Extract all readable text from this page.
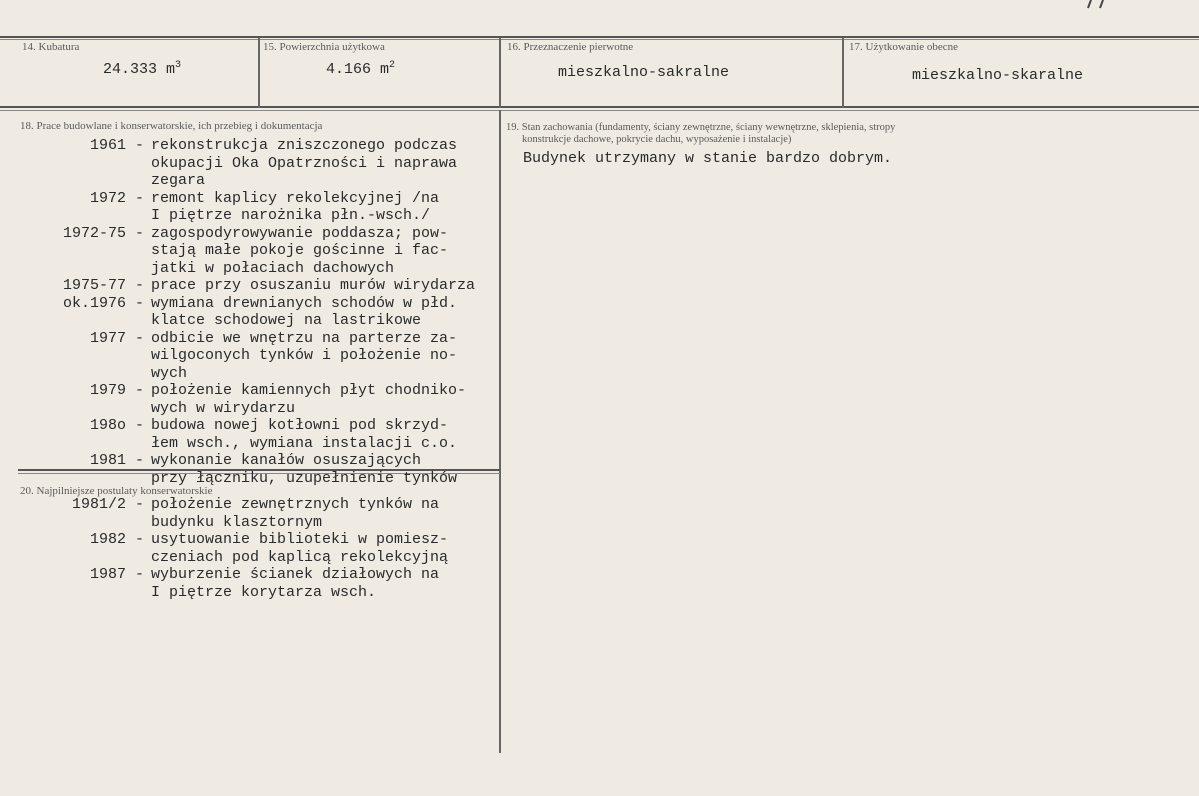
14. Kubatura
24.333 $m^3$
15. Powierzchnia użytkowa
4.166 $m^2$
16. Przeznaczenie pierwotne
mieszkalno-sakralne
17. Użytkowanie obecne
mieszkalno-skaralne
18. Prace budowlane i konserwatorskie, ich przebieg i dokumentacja
1961 - rekonstrukcja zniszczonego podczas
okupacji Oka Opatrzności i naprawa
zegara
1972 - remont kaplicy rekolekcyjnej /na
I piętrze narożnika płn.-wsch./
1972-75 - zagospodyrowywanie poddasza; pow-
stają małe pokoje gościnne i fac-
jatki w połaciach dachowych
1975-77 - prace przy osuszaniu murów wirydarza
ok.1976 - wymiana drewnianych schodów w płd.
klatce schodowej na lastrikowe
1977 - odbicie we wnętrzu na parterze za-
wilgoconych tynków i położenie no-
wych
1979 - położenie kamiennych płyt chodniko-
wych w wirydarzu
198o - budowa nowej kotłowni pod skrzyd-
łem wsch., wymiana instalacji c.o.
1981 - wykonanie kanałów osuszających
przy łączniku, uzupełnienie tynków
19. Stan zachowania (fundamenty, ściany zewnętrzne, ściany wewnętrzne, sklepienia, stropy
konstrukcje dachowe, pokrycie dachu, wyposażenie i instalacje)
Budynek utrzymany w stanie bardzo dobrym.
20. Najpilniejsze postulaty konserwatorskie
1981/2 - położenie zewnętrznych tynków na
budynku klasztornym
1982 - usytuowanie biblioteki w pomiesz-
czeniach pod kaplicą rekolekcyjną
1987 - wyburzenie ścianek działowych na
I piętrze korytarza wsch.
